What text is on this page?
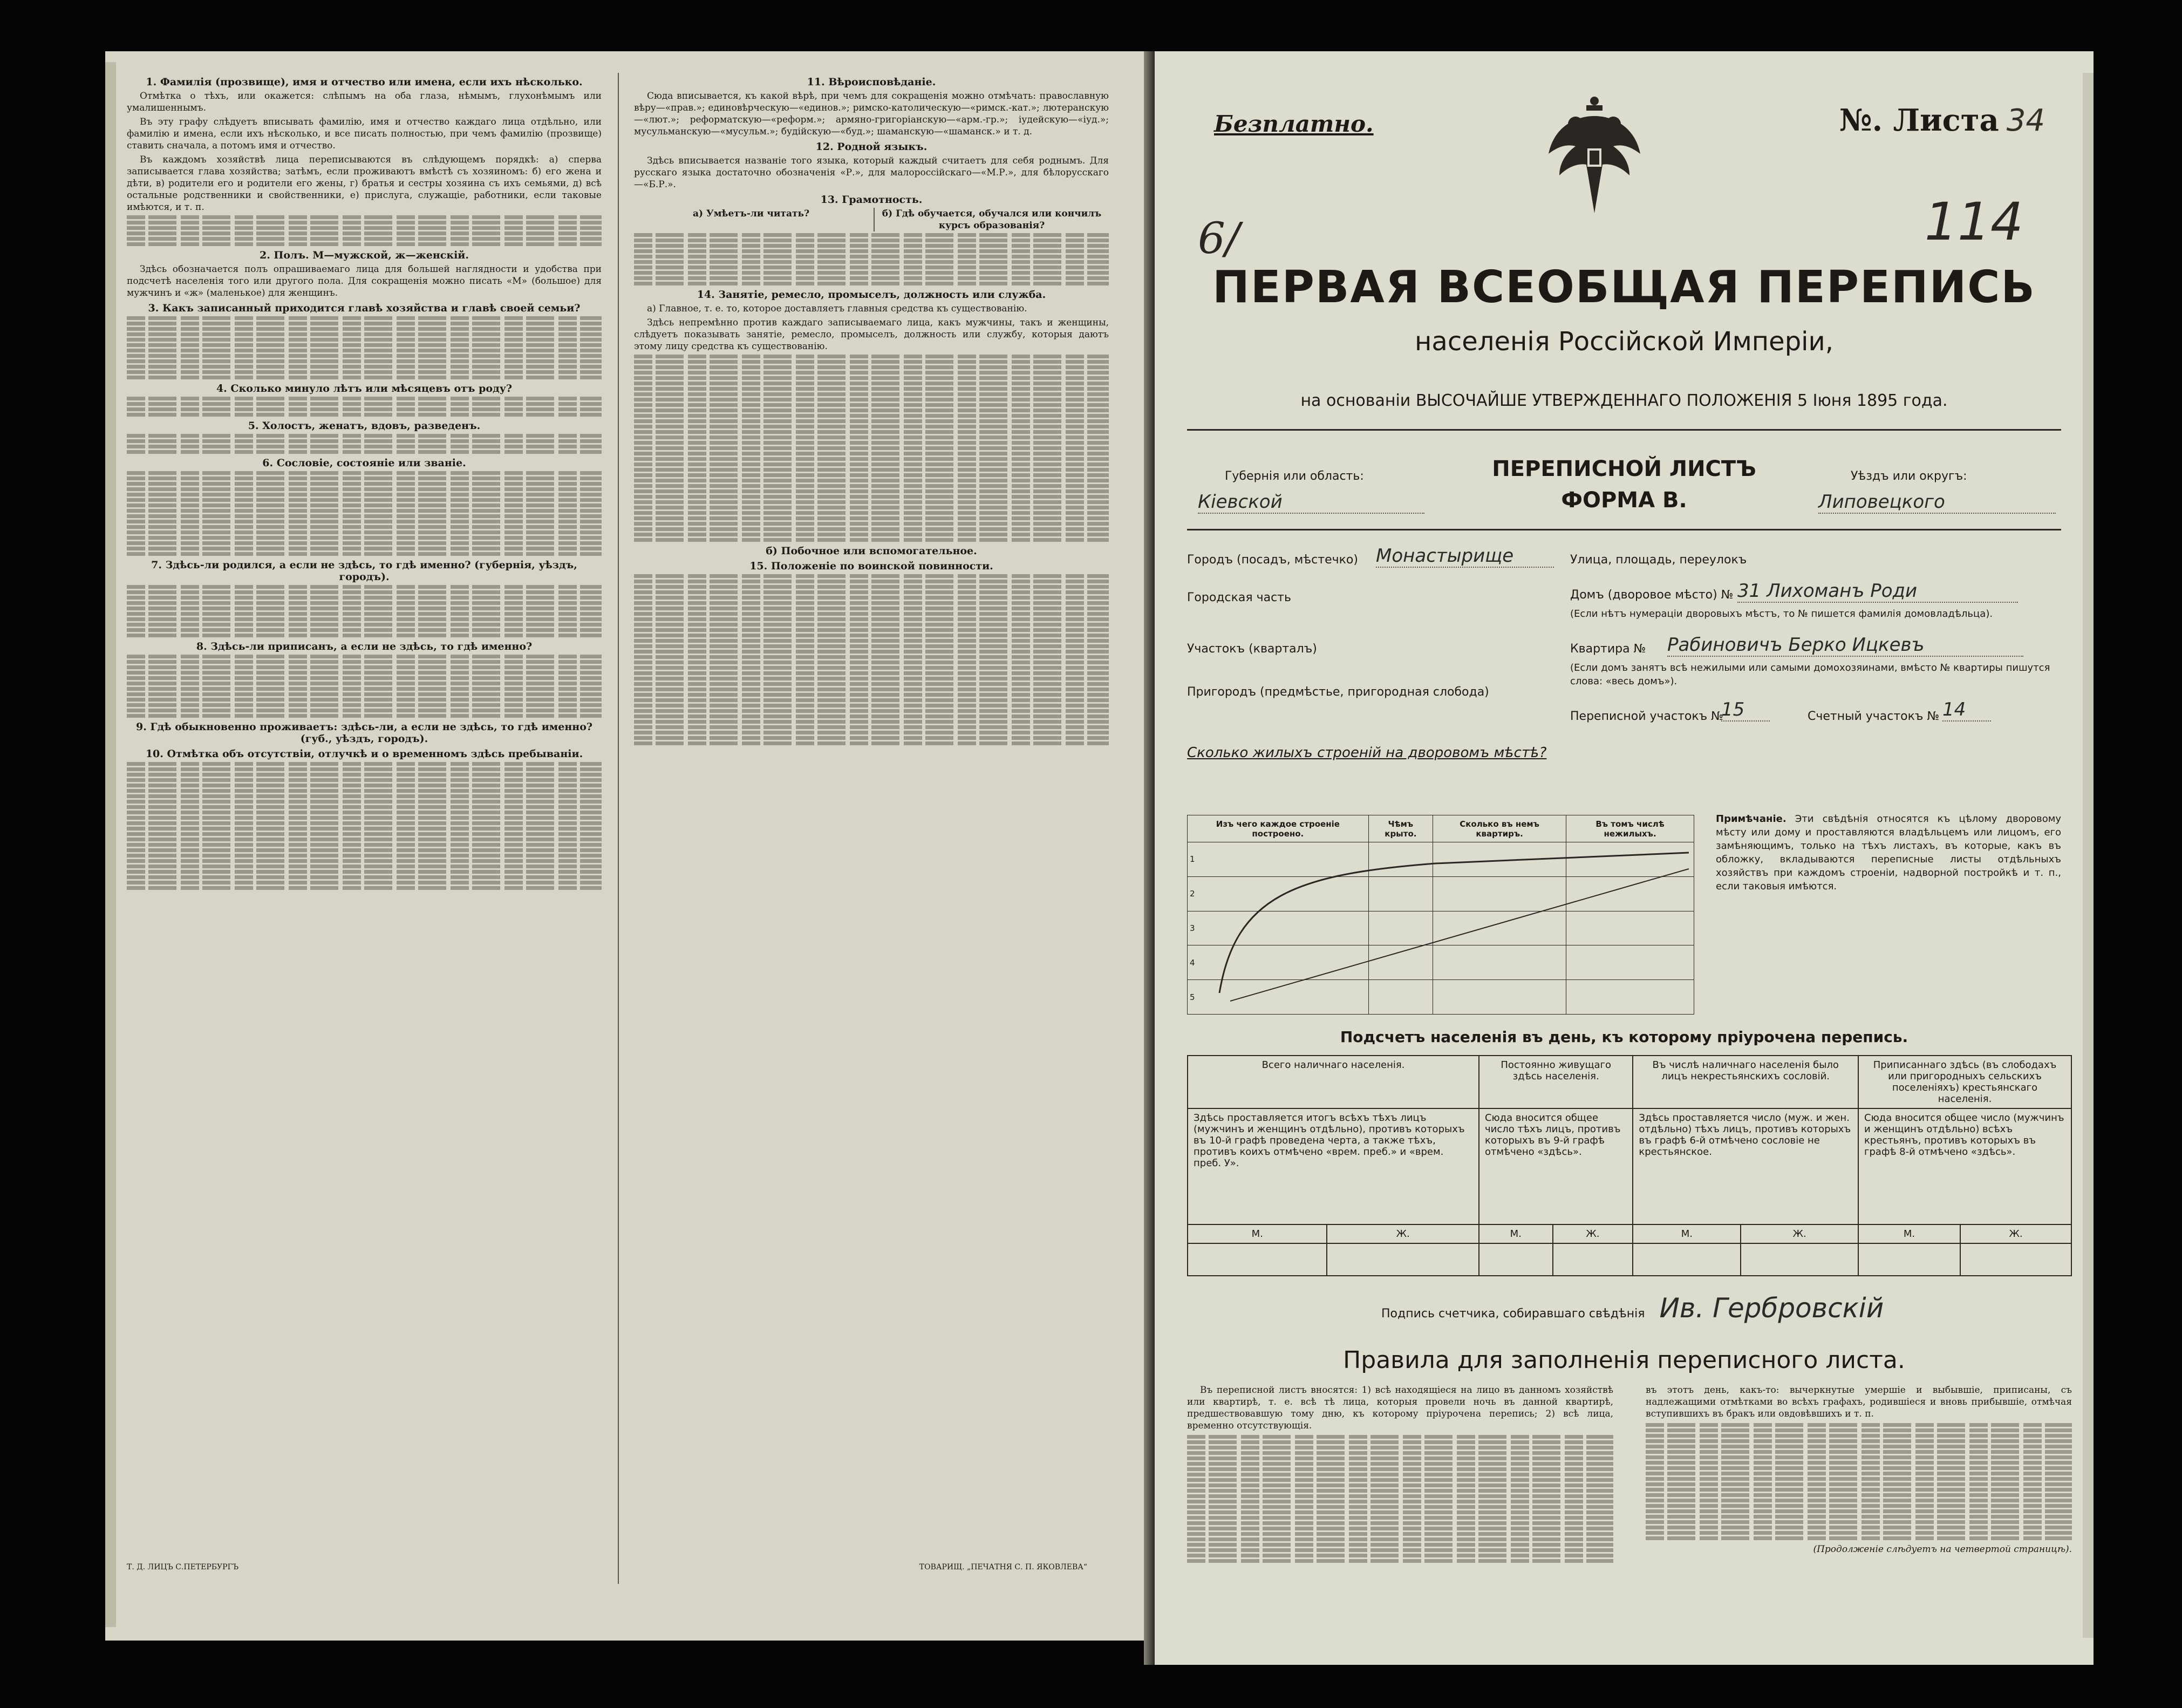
1. Фамилія (прозвище), имя и отчество или имена, если ихъ нѣсколько.

Отмѣтка о тѣхъ, или окажется: слѣпымъ на оба глаза, нѣмымъ, глухонѣмымъ или умалишеннымъ.

Въ эту графу слѣдуетъ вписывать фамилію, имя и отчество каждаго лица отдѣльно, или фамилію и имена, если ихъ нѣсколько, и все писать полностью, при чемъ фамилію (прозвище) ставить сначала, а потомъ имя и отчество.

Въ каждомъ хозяйствѣ лица переписываются въ слѣдующемъ порядкѣ: а) сперва записывается глава хозяйства; затѣмъ, если проживаютъ вмѣстѣ съ хозяиномъ: б) его жена и дѣти, в) родители его и родители его жены, г) братья и сестры хозяина съ ихъ семьями, д) всѣ остальные родственники и свойственники, е) прислуга, служащіе, работники, если таковые имѣются, и т. п.

2. Полъ. М—мужской, ж—женскій.

Здѣсь обозначается полъ опрашиваемаго лица для большей наглядности и удобства при подсчетѣ населенія того или другого пола. Для сокращенія можно писать «М» (большое) для мужчинъ и «ж» (маленькое) для женщинъ.

3. Какъ записанный приходится главѣ хозяйства и главѣ своей семьи?
4. Сколько минуло лѣтъ или мѣсяцевъ отъ роду?
5. Холостъ, женатъ, вдовъ, разведенъ.
6. Сословіе, состояніе или званіе.
7. Здѣсь-ли родился, а если не здѣсь, то гдѣ именно? (губернія, уѣздъ, городъ).
8. Здѣсь-ли приписанъ, а если не здѣсь, то гдѣ именно?
9. Гдѣ обыкновенно проживаетъ: здѣсь-ли, а если не здѣсь, то гдѣ именно? (губ., уѣздъ, городъ).
10. Отмѣтка объ отсутствіи, отлучкѣ и о временномъ здѣсь пребываніи.
Т. Д. ЛИЦЪ С.ПЕТЕРБУРГЪ
11. Вѣроисповѣданіе.

Сюда вписывается, къ какой вѣрѣ, при чемъ для сокращенія можно отмѣчать: православную вѣру—«прав.»; единовѣрческую—«единов.»; римско-католическую—«римск.-кат.»; лютеранскую—«лют.»; реформатскую—«реформ.»; армяно-григоріанскую—«арм.-гр.»; іудейскую—«іуд.»; мусульманскую—«мусульм.»; будійскую—«буд.»; шаманскую—«шаманск.» и т. д.

12. Родной языкъ.

Здѣсь вписывается названіе того языка, который каждый считаетъ для себя роднымъ. Для русскаго языка достаточно обозначенія «Р.», для малороссійскаго—«М.Р.», для бѣлорусскаго—«Б.Р.».

13. Грамотность.
а) Умѣетъ-ли читать?	б) Гдѣ обучается, обучался или кончилъ курсъ образованія?
14. Занятіе, ремесло, промыселъ, должность или служба.

а) Главное, т. е. то, которое доставляетъ главныя средства къ существованію.

Здѣсь непремѣнно против каждаго записываемаго лица, какъ мужчины, такъ и женщины, слѣдуетъ показывать занятіе, ремесло, промыселъ, должность или службу, которыя даютъ этому лицу средства къ существованію.

б) Побочное или вспомогательное.
15. Положеніе по воинской повинности.
ТОВАРИЩ. „ПЕЧАТНЯ С. П. ЯКОВЛЕВА“
Безплатно.	№. Листа 34
6/	114
ПЕРВАЯ ВСЕОБЩАЯ ПЕРЕПИСЬ
населенія Россійской Имперіи,
на основаніи ВЫСОЧАЙШЕ УТВЕРЖДЕННАГО ПОЛОЖЕНІЯ 5 Іюня 1895 года.
ПЕРЕПИСНОЙ ЛИСТЪ
ФОРМА В.
Губернія или область:
Кіевской
Уѣздъ или округъ:
Липовецкого
Городъ (посадъ, мѣстечко) Монастырище	Улица, площадь, переулокъ
Городская часть	Домъ (дворовое мѣсто) № 31 Лихоманъ Роди
(Если нѣтъ нумераціи дворовыхъ мѣстъ, то № пишется фамилія домовладѣльца).
Участокъ (кварталъ)	Квартира № Рабиновичъ Берко Ицкевъ
(Если домъ занятъ всѣ нежилыми или самыми домохозяинами, вмѣсто № квартиры пишутся слова: «весь домъ»).
Пригородъ (предмѣстье, пригородная слобода)
Переписной участокъ №
15	Счетный участокъ № 14
Сколько жилыхъ строеній на дворовомъ мѣстѣ?
Изъ чего каждое строеніе построено.	Чѣмъ крыто.	Сколько въ немъ квартиръ.	Въ томъ числѣ нежилыхъ.
1			
2			
3			
4			
5			
Примѣчаніе. Эти свѣдѣнія относятся къ цѣлому дворовому мѣсту или дому и проставляются владѣльцемъ или лицомъ, его замѣняющимъ, только на тѣхъ листахъ, въ которые, какъ въ обложку, вкладываются переписные листы отдѣльныхъ хозяйствъ при каждомъ строеніи, надворной постройкѣ и т. п., если таковыя имѣются.
Подсчетъ населенія въ день, къ которому пріурочена перепись.
Всего наличнаго населенія.		Постоянно живущаго здѣсь населенія.		Въ числѣ наличнаго населенія было лицъ некрестьянскихъ сословій.		Приписаннаго здѣсь (въ слободахъ или пригородныхъ сельскихъ поселеніяхъ) крестьянскаго населенія.	
Здѣсь проставляется итогъ всѣхъ тѣхъ лицъ (мужчинъ и женщинъ отдѣльно), противъ которыхъ въ 10-й графѣ проведена черта, а также тѣхъ, противъ коихъ отмѣчено «врем. преб.» и «врем. преб. У».		Сюда вносится общее число тѣхъ лицъ, противъ которыхъ въ 9-й графѣ отмѣчено «здѣсь».		Здѣсь проставляется число (муж. и жен. отдѣльно) тѣхъ лицъ, противъ которыхъ въ графѣ 6-й отмѣчено сословіе не крестьянское.		Сюда вносится общее число (мужчинъ и женщинъ отдѣльно) всѣхъ крестьянъ, противъ которыхъ въ графѣ 8-й отмѣчено «здѣсь».	
М.	Ж.	М.	Ж.	М.	Ж.	М.	Ж.

Подпись счетчика, собиравшаго свѣдѣнія Ив. Гербровскій
Правила для заполненія переписного листа.

Въ переписной листъ вносятся: 1) всѣ находящіеся на лицо въ данномъ хозяйствѣ или квартирѣ, т. е. всѣ тѣ лица, которыя провели ночь въ данной квартирѣ, предшествовавшую тому дню, къ которому пріурочена перепись; 2) всѣ лица, временно отсутствующія.

въ этотъ день, какъ-то: вычеркнутые умершіе и выбывшіе, приписаны, съ надлежащими отмѣтками во всѣхъ графахъ, родившіеся и вновь прибывшіе, отмѣчая вступившихъ въ бракъ или овдовѣвшихъ и т. п.

(Продолженіе слѣдуетъ на четвертой страницѣ).
